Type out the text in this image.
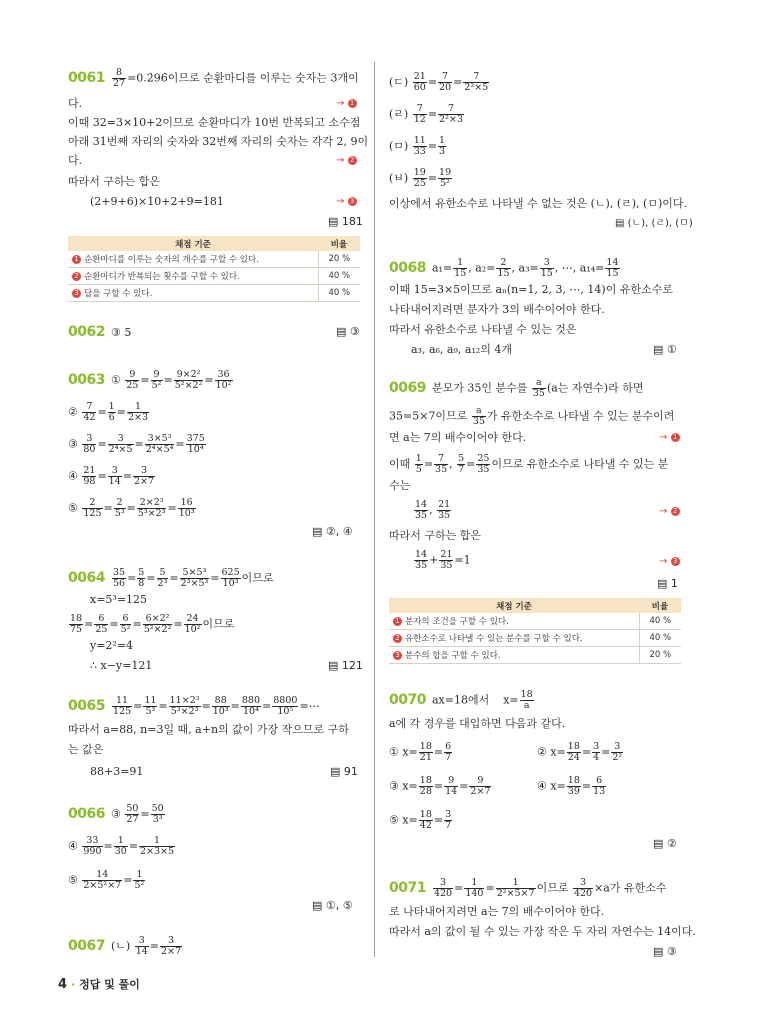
$0061 \frac{8}{27}$ =0.2̇96̇이므로 순환마디를 이루는 숫자는 3개이
다.	→ 1
이때 32=3×10+2이므로 순환마디가 10번 반복되고 소수점
아래 31번째 자리의 숫자와 32번째 자리의 숫자는 각각 2, 9이
다.	→ 2
따라서 구하는 합은
(2+9+6)×10+2+9=181	→ 3
▤ 181
채점 기준	비율
1 순환마디를 이루는 숫자의 개수를 구할 수 있다.	20 %
2 순환마디가 반복되는 횟수를 구할 수 있다.	40 %
3 답을 구할 수 있다.	40 %
0062 ③ 5	▤ ③
0063 ① $\frac{9}{25} = \frac{9}{\text{5²}} = \frac{\text{9×2²}}{\text{5²×2²}} = \frac{36}{\text{10²}}$
② $\frac{7}{42} = \frac{1}{6} = \frac{1}{2\times 3}$
③ $\frac{3}{80} = \frac{3}{\text{2⁴×5}} = \frac{\text{3×5³}}{\text{2⁴×5⁴}} = \frac{375}{\text{10⁴}}$
④ $\frac{21}{98} = \frac{3}{14} = \frac{3}{2\times 7}$
⑤ $\frac{2}{125} = \frac{2}{\text{5³}} = \frac{\text{2×2³}}{\text{5³×2³}} = \frac{16}{\text{10³}}$
▤ ②, ④
$0064 \frac{35}{56} = \frac{5}{8} = \frac{5}{\text{2³}} = \frac{\text{5×5³}}{\text{2³×5³}} = \frac{625}{\text{10³}}$ 이므로
x=5³=125
$\frac{18}{75} = \frac{6}{25} = \frac{6}{\text{5²}} = \frac{\text{6×2²}}{\text{5²×2²}} = \frac{24}{\text{10²}}$ 이므로
y=2²=4
∴ x−y=121	▤ 121
$0065 \frac{11}{125} = \frac{11}{\text{5³}} = \frac{\text{11×2³}}{\text{5³×2³}} = \frac{88}{\text{10³}} = \frac{880}{\text{10⁴}} = \frac{8800}{\text{10⁵}}$ =⋯
따라서 a=88, n=3일 때, a+n의 값이 가장 작으므로 구하
는 값은
88+3=91	▤ 91
0066 ③ $\frac{50}{27} = \frac{50}{\text{3³}}$
④ $\frac{33}{990} = \frac{1}{30} = \frac{1}{2\times 3\times 5}$
⑤ $\frac{14}{\text{2×5²×7}} = \frac{1}{\text{5²}}$
▤ ①, ⑤
0067 (ㄴ) $\frac{3}{14} = \frac{3}{2\times 7}$
(ㄷ) $\frac{21}{60} = \frac{7}{20} = \frac{7}{\text{2²×5}}$
(ㄹ) $\frac{7}{12} = \frac{7}{\text{2²×3}}$
(ㅁ) $\frac{11}{33} = \frac{1}{3}$
(ㅂ) $\frac{19}{25} = \frac{19}{\text{5²}}$
이상에서 유한소수로 나타낼 수 없는 것은 (ㄴ), (ㄹ), (ㅁ)이다.
▤ (ㄴ), (ㄹ), (ㅁ)
0068 $a_1= \frac{1}{15}$ , $a_2= \frac{2}{15}$ , $a_3= \frac{3}{15}$ , ⋯, $a_{14}= \frac{14}{15}$
이때 15=3×5이므로 aₙ(n=1, 2, 3, ⋯, 14)이 유한소수로
나타내어지려면 분자가 3의 배수이어야 한다.
따라서 유한소수로 나타낼 수 있는 것은
a₃, a₆, a₉, a₁₂의 4개	▤ ①
0069 분모가 35인 분수를 $\frac{a}{35} (a$는 자연수)라 하면
35=5×7이므로 $\frac{a}{35}$ 가 유한소수로 나타낼 수 있는 분수이려
면 a는 7의 배수이어야 한다.	→ 1
이때 $\frac{1}{5} = \frac{7}{35}$ , $\frac{5}{7} = \frac{25}{35}$ 이므로 유한소수로 나타낼 수 있는 분
수는
$\frac{14}{35}$ , $\frac{21}{35}$	→ 2
따라서 구하는 합은
$\frac{14}{35} + \frac{21}{35} =1$	→ 3
▤ 1
채점 기준	비율
1 분자의 조건을 구할 수 있다.	40 %
2 유한소수로 나타낼 수 있는 분수를 구할 수 있다.	40 %
3 분수의 합을 구할 수 있다.	20 %
0070 ax=18에서    $x= \frac{18}{a}$
a에 각 경우를 대입하면 다음과 같다.
① $x= \frac{18}{21} = \frac{6}{7}$	② $x= \frac{18}{24} = \frac{3}{4} = \frac{3}{\text{2²}}$
③ $x= \frac{18}{28} = \frac{9}{14} = \frac{9}{2\times 7}$	④ $x= \frac{18}{39} = \frac{6}{13}$
⑤ $x= \frac{18}{42} = \frac{3}{7}$
▤ ②
$0071 \frac{3}{420} = \frac{1}{140} = \frac{1}{\text{2²×5×7}}$ 이므로 $\frac{3}{420} \times a$가 유한소수
로 나타내어지려면 a는 7의 배수이어야 한다.
따라서 a의 값이 될 수 있는 가장 작은 두 자리 자연수는 14이다.
▤ ③
4 · 정답 및 풀이
